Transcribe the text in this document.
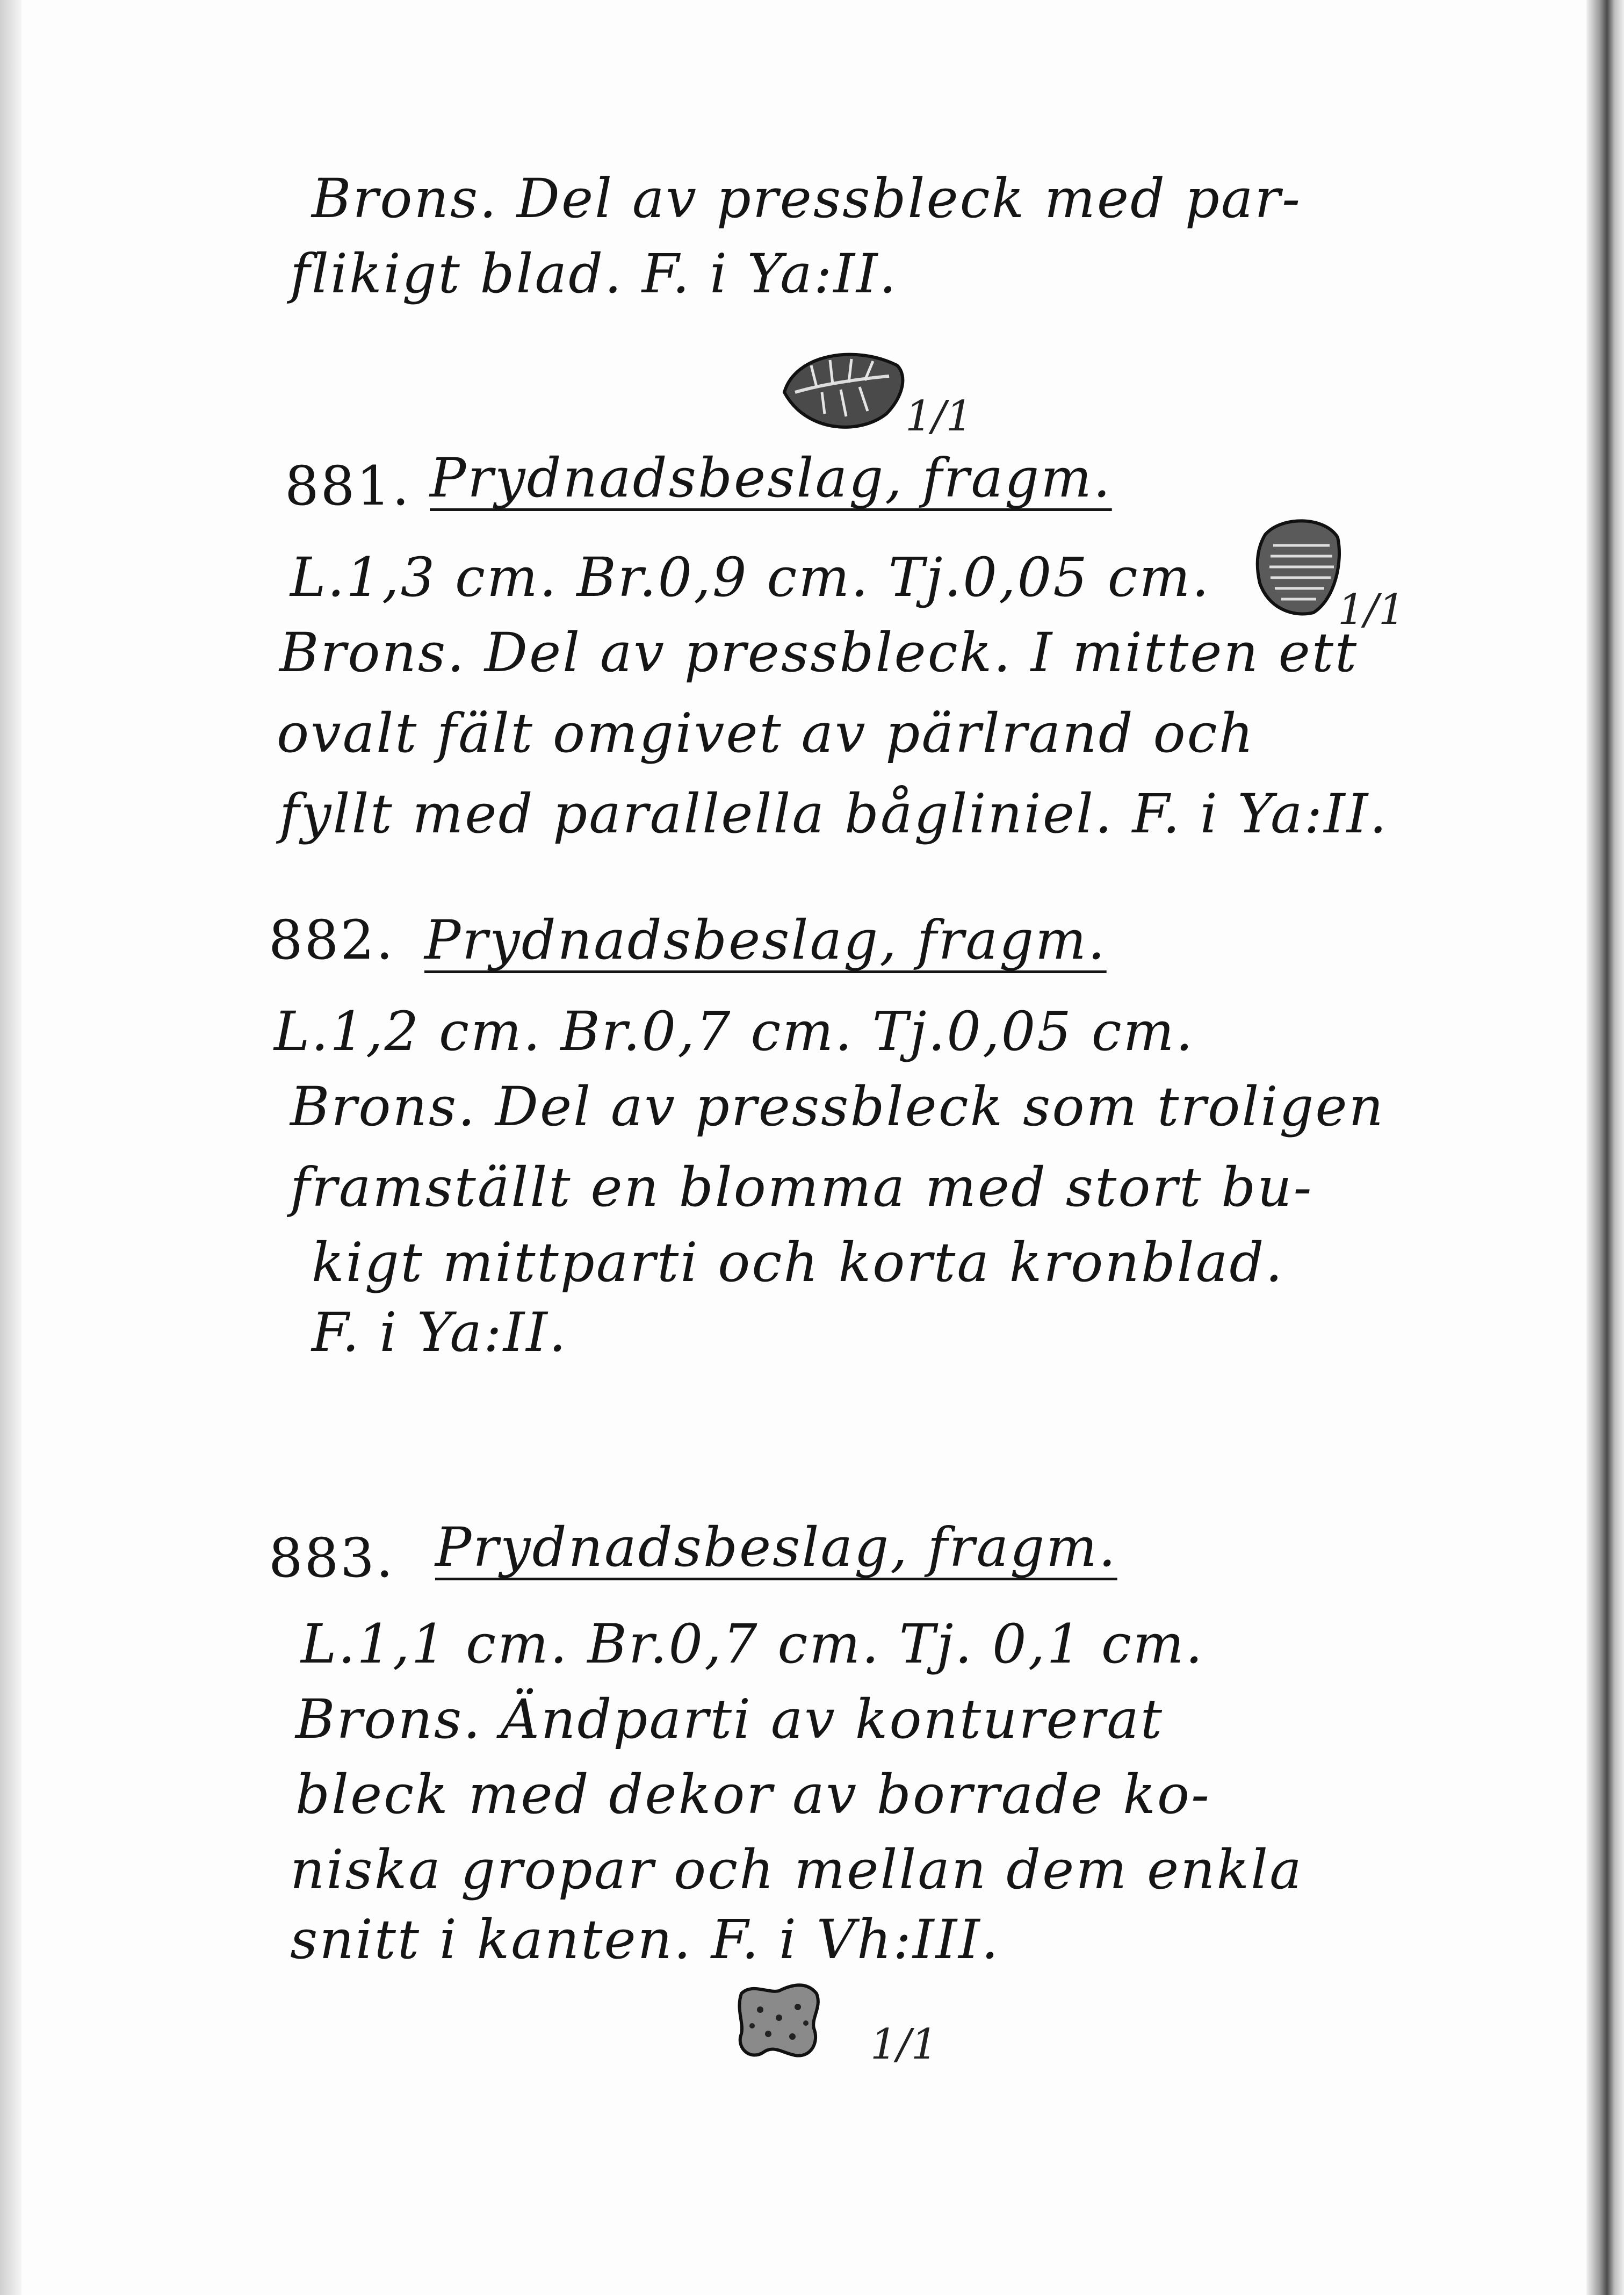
Brons. Del av pressbleck med par-
flikigt blad. F. i Ya:II.
1/1
881. Prydnadsbeslag, fragm.
L.1,3 cm. Br.0,9 cm. Tj.0,05 cm.
1/1
Brons. Del av pressbleck. I mitten ett
ovalt fält omgivet av pärlrand och
fyllt med parallella bågliniel. F. i Ya:II.
882. Prydnadsbeslag, fragm.
L.1,2 cm. Br.0,7 cm. Tj.0,05 cm.
Brons. Del av pressbleck som troligen
framställt en blomma med stort bu-
kigt mittparti och korta kronblad.
F. i Ya:II.
883. Prydnadsbeslag, fragm.
L.1,1 cm. Br.0,7 cm. Tj. 0,1 cm.
Brons. Ändparti av konturerat
bleck med dekor av borrade ko-
niska gropar och mellan dem enkla
snitt i kanten. F. i Vh:III.
1/1
